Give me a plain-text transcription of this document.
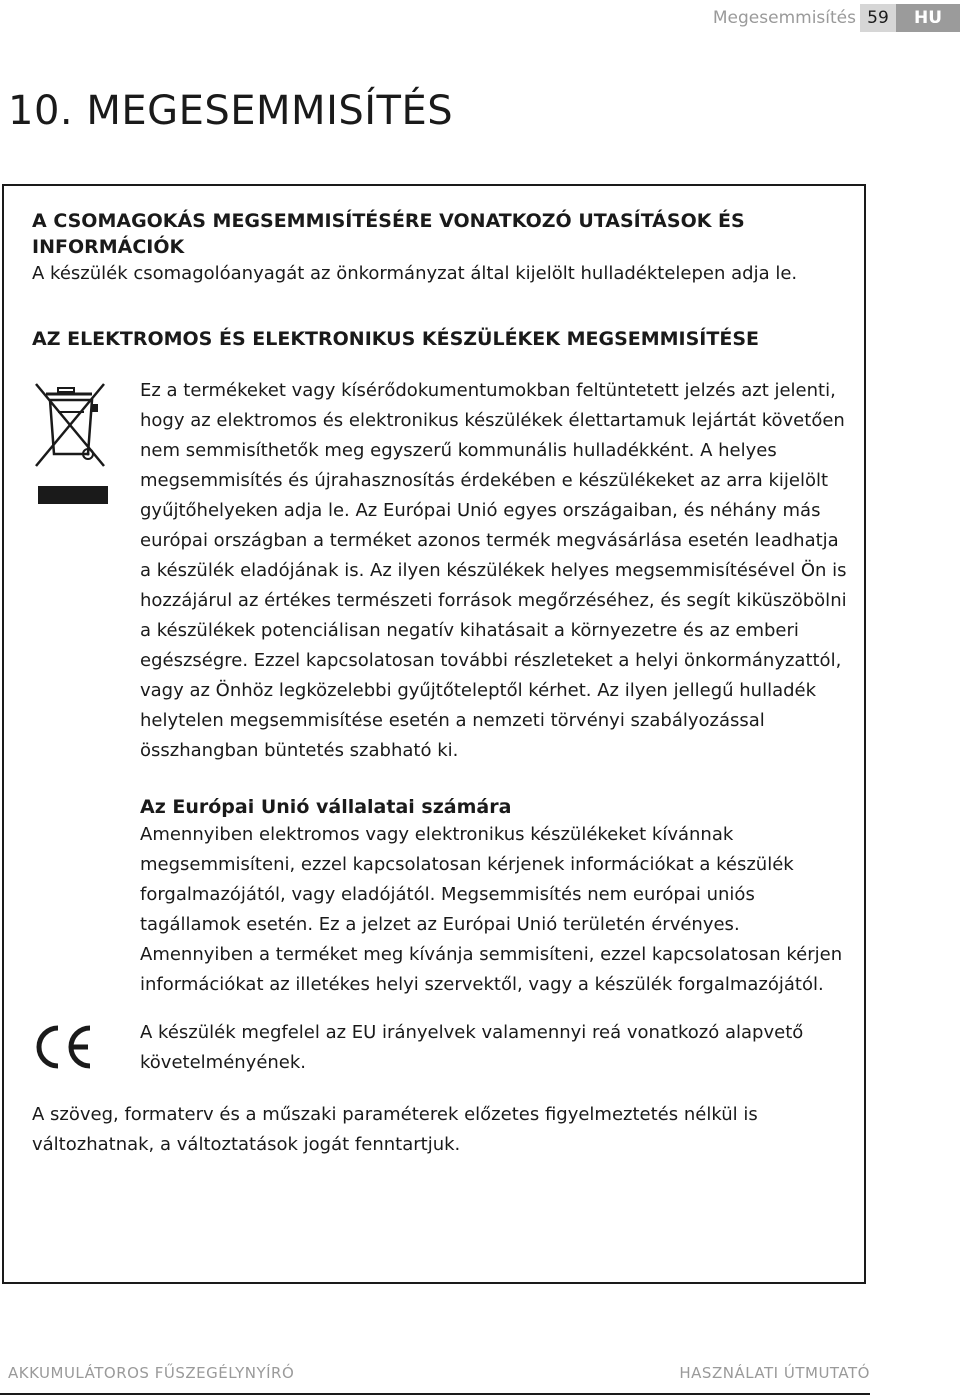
Megesemmisítés 59	HU
10. MEGESEMMISÍTÉS
A CSOMAGOKÁS MEGSEMMISÍTÉSÉRE VONATKOZÓ UTASÍTÁSOK ÉS
INFORMÁCIÓK
A készülék csomagolóanyagát az önkormányzat által kijelölt hulladéktelepen adja le.
AZ ELEKTROMOS ÉS ELEKTRONIKUS KÉSZÜLÉKEK MEGSEMMISÍTÉSE
Ez a termékeket vagy kísérődokumentumokban feltüntetett jelzés azt jelenti, hogy az elektromos és elektronikus készülékek élettartamuk lejártát követően nem semmisíthetők meg egyszerű kommunális hulladékként. A helyes megsemmisítés és újrahasznosítás érdekében e készülékeket az arra kijelölt gyűjtőhelyeken adja le. Az Európai Unió egyes országaiban, és néhány más európai országban a terméket azonos termék megvásárlása esetén leadhatja a készülék eladójának is. Az ilyen készülékek helyes megsemmisítésével Ön is hozzájárul az értékes természeti források megőrzéséhez, és segít kiküszöbölni a készülékek potenciálisan negatív kihatásait a környezetre és az emberi egészségre. Ezzel kapcsolatosan további részleteket a helyi önkormányzattól, vagy az Önhöz legközelebbi gyűjtőteleptől kérhet. Az ilyen jellegű hulladék helytelen megsemmisítése esetén a nemzeti törvényi szabályozással összhangban büntetés szabható ki.
Az Európai Unió vállalatai számára
Amennyiben elektromos vagy elektronikus készülékeket kívánnak megsemmisíteni, ezzel kapcsolatosan kérjenek információkat a készülék forgalmazójától, vagy eladójától. Megsemmisítés nem európai uniós tagállamok esetén. Ez a jelzet az Európai Unió területén érvényes. Amennyiben a terméket meg kívánja semmisíteni, ezzel kapcsolatosan kérjen információkat az illetékes helyi szervektől, vagy a készülék forgalmazójától.
A készülék megfelel az EU irányelvek valamennyi reá vonatkozó alapvető követelményének.
A szöveg, formaterv és a műszaki paraméterek előzetes figyelmeztetés nélkül is változhatnak, a változtatások jogát fenntartjuk.
AKKUMULÁTOROS FŰSZEGÉLYNYÍRÓ	HASZNÁLATI ÚTMUTATÓ
